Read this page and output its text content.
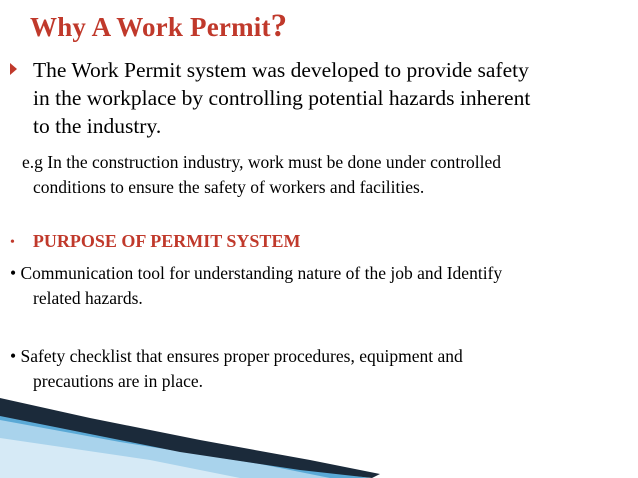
Why A Work Permit?
The Work Permit system was developed to provide safety
in the workplace by controlling potential hazards inherent
to the industry.
e.g In the construction industry, work must be done under controlled
conditions to ensure the safety of workers and facilities.
• PURPOSE OF PERMIT SYSTEM
• Communication tool for understanding nature of the job and Identify
related hazards.
• Safety checklist that ensures proper procedures, equipment and
precautions are in place.
